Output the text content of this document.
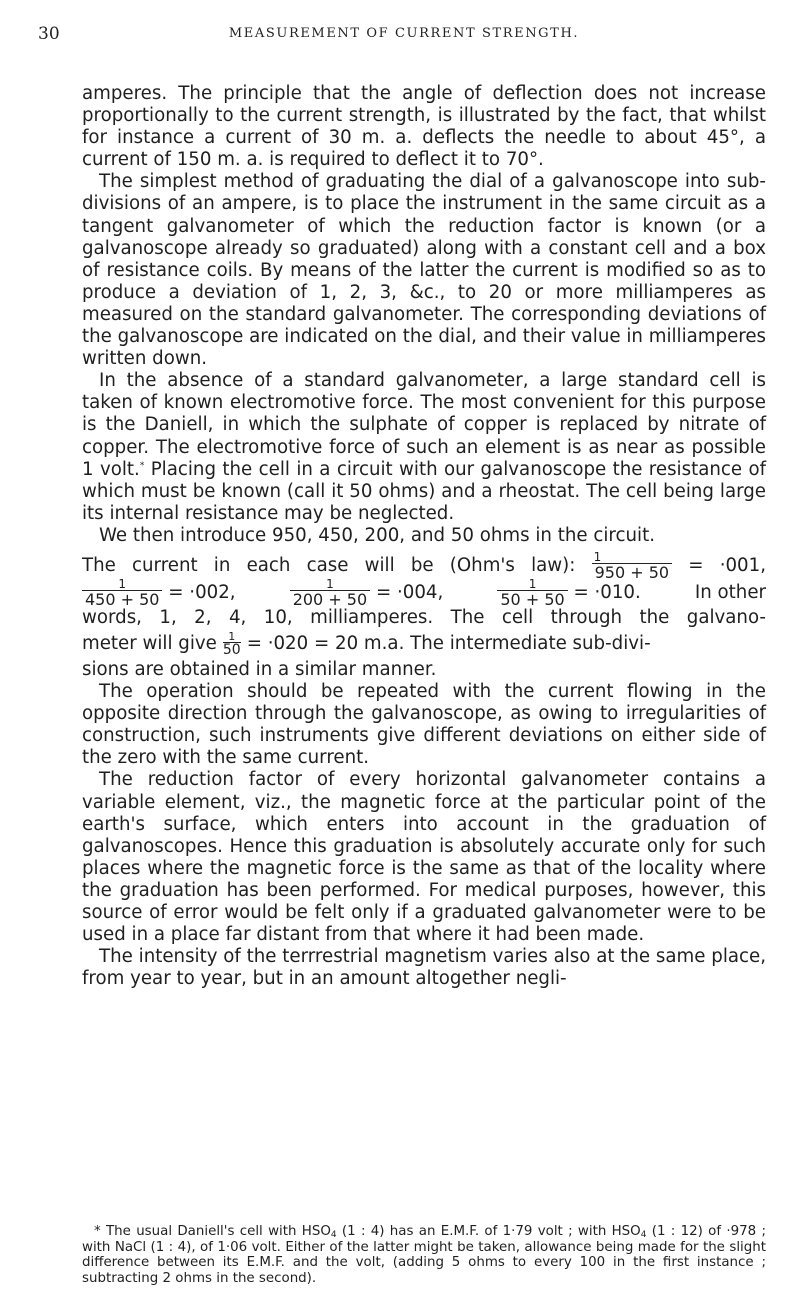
30	MEASUREMENT OF CURRENT STRENGTH.

amperes. The principle that the angle of deflection does not increase proportionally to the current strength, is illustrated by the fact, that whilst for instance a current of 30 m. a. deflects the needle to about 45°, a current of 150 m. a. is required to deflect it to 70°.

The simplest method of graduating the dial of a galvanoscope into sub-divisions of an ampere, is to place the instrument in the same circuit as a tangent galvanometer of which the reduction factor is known (or a galvanoscope already so graduated) along with a constant cell and a box of resistance coils. By means of the latter the current is modified so as to produce a deviation of 1, 2, 3, &c., to 20 or more milliamperes as measured on the standard galvanometer. The corresponding deviations of the galvanoscope are indicated on the dial, and their value in milliamperes written down.

In the absence of a standard galvanometer, a large standard cell is taken of known electromotive force. The most convenient for this purpose is the Daniell, in which the sulphate of copper is replaced by nitrate of copper. The electromotive force of such an element is as near as possible 1 volt.* Placing the cell in a circuit with our galvanoscope the resistance of which must be known (call it 50 ohms) and a rheostat. The cell being large its internal resistance may be neglected.

We then introduce 950, 450, 200, and 50 ohms in the circuit.

The current in each case will be (Ohm's law): $\frac{1}{950 + 50} = \cdot 001$,
$\frac{1}{450 + 50} = \cdot 002$,	$\frac{1}{200 + 50} = \cdot 004$,	$\frac{1}{50 + 50} = \cdot 010$.	In other
words, 1, 2, 4, 10, milliamperes. The cell through the galvano-
meter will give $\frac{1}{50} = \cdot 020 = 20$ m.a. The intermediate sub-divi-

sions are obtained in a similar manner.

The operation should be repeated with the current flowing in the opposite direction through the galvanoscope, as owing to irregularities of construction, such instruments give different deviations on either side of the zero with the same current.

The reduction factor of every horizontal galvanometer contains a variable element, viz., the magnetic force at the particular point of the earth's surface, which enters into account in the graduation of galvanoscopes. Hence this graduation is absolutely accurate only for such places where the magnetic force is the same as that of the locality where the graduation has been performed. For medical purposes, however, this source of error would be felt only if a graduated galvanometer were to be used in a place far distant from that where it had been made.

The intensity of the terrrestrial magnetism varies also at the same place, from year to year, but in an amount altogether negli-

* The usual Daniell's cell with $HSO_4$ (1 : 4) has an E.M.F. of 1·79 volt ; with $HSO_4$ (1 : 12) of ·978 ; with NaCl (1 : 4), of 1·06 volt. Either of the latter might be taken, allowance being made for the slight difference between its E.M.F. and the volt, (adding 5 ohms to every 100 in the first instance ; subtracting 2 ohms in the second).
